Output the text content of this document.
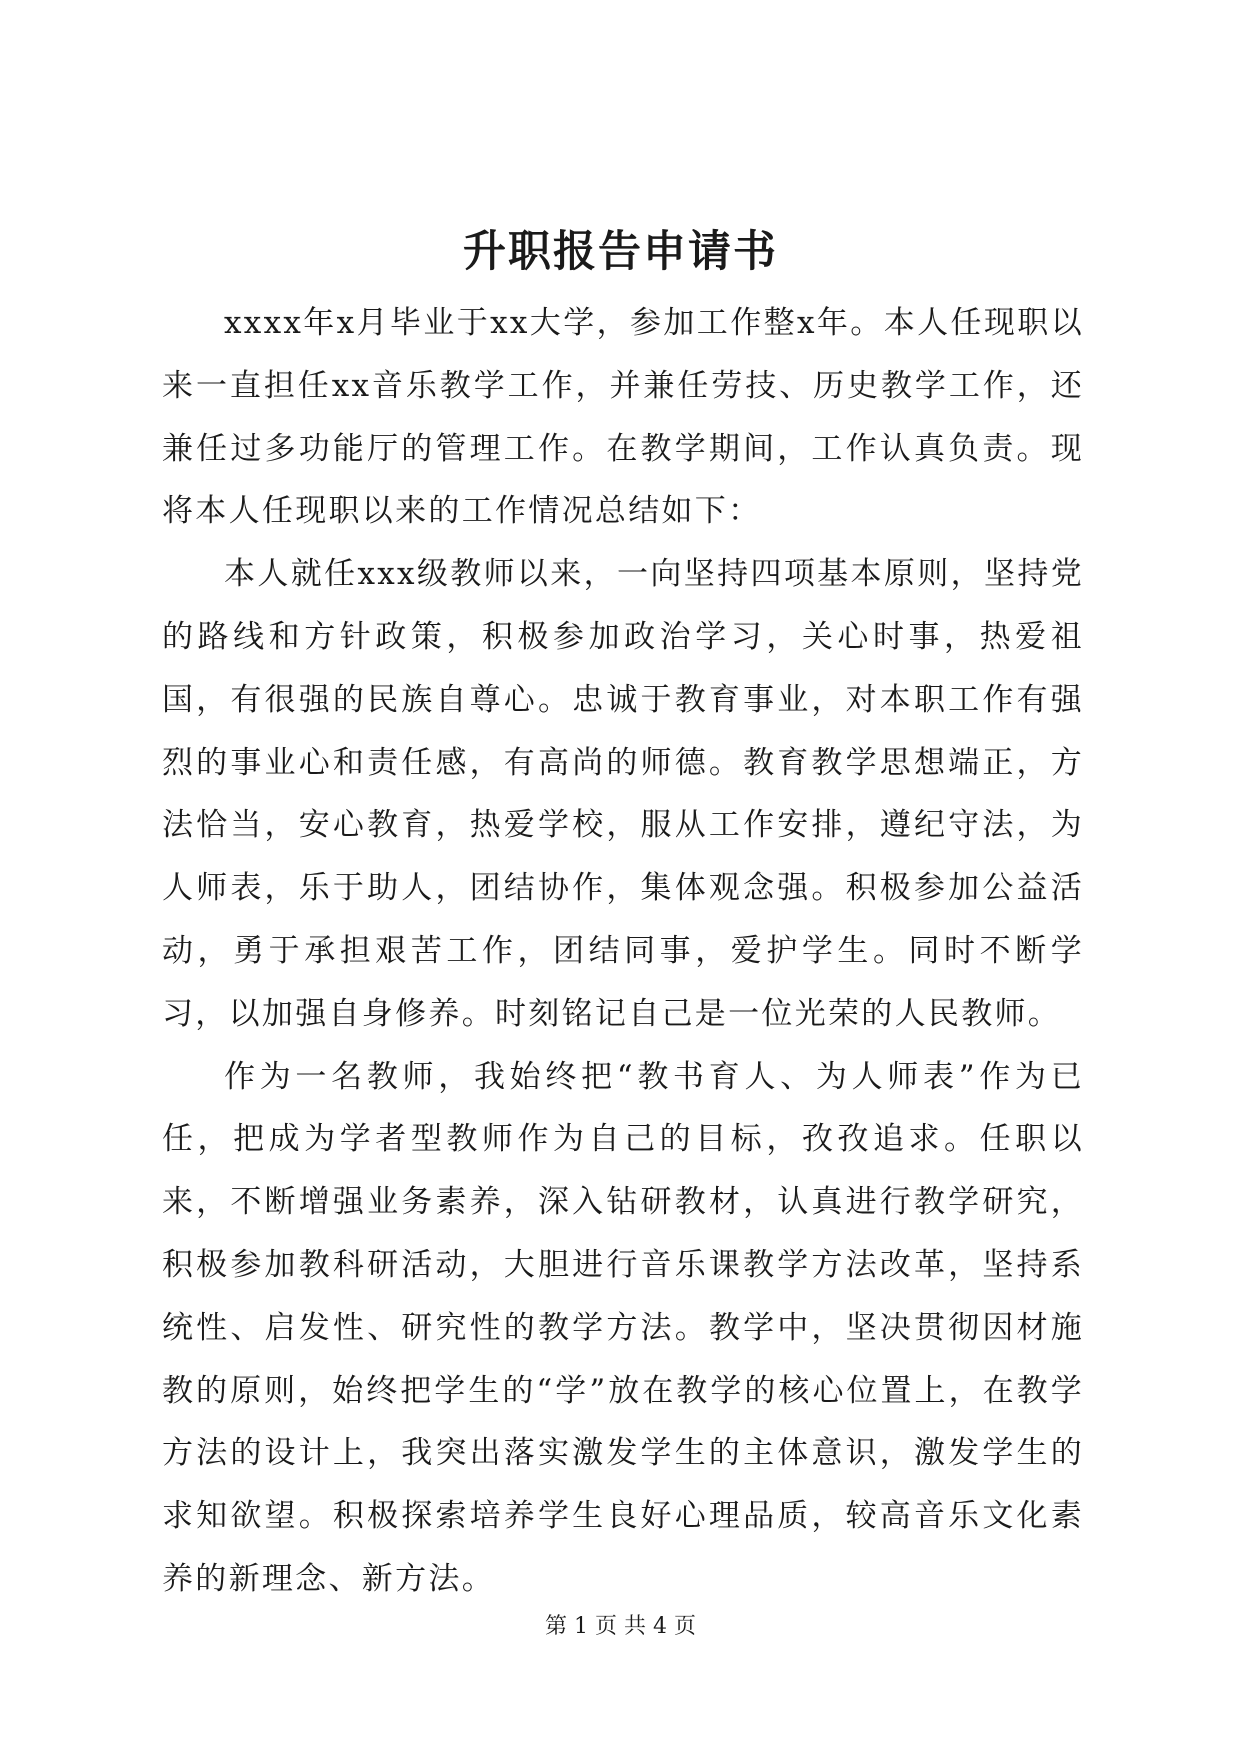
升职报告申请书

xxxx年x月毕业于xx大学，参加工作整x年。本人任现职以来一直担任xx音乐教学工作，并兼任劳技、历史教学工作，还兼任过多功能厅的管理工作。在教学期间，工作认真负责。现将本人任现职以来的工作情况总结如下：

本人就任xxx级教师以来，一向坚持四项基本原则，坚持党的路线和方针政策，积极参加政治学习，关心时事，热爱祖国，有很强的民族自尊心。忠诚于教育事业，对本职工作有强烈的事业心和责任感，有高尚的师德。教育教学思想端正，方法恰当，安心教育，热爱学校，服从工作安排，遵纪守法，为人师表，乐于助人，团结协作，集体观念强。积极参加公益活动，勇于承担艰苦工作，团结同事，爱护学生。同时不断学习，以加强自身修养。时刻铭记自己是一位光荣的人民教师。

作为一名教师，我始终把“教书育人、为人师表”作为已任，把成为学者型教师作为自己的目标，孜孜追求。任职以来，不断增强业务素养，深入钻研教材，认真进行教学研究，积极参加教科研活动，大胆进行音乐课教学方法改革，坚持系统性、启发性、研究性的教学方法。教学中，坚决贯彻因材施教的原则，始终把学生的“学”放在教学的核心位置上，在教学方法的设计上，我突出落实激发学生的主体意识，激发学生的求知欲望。积极探索培养学生良好心理品质，较高音乐文化素养的新理念、新方法。

第 1 页 共 4 页
